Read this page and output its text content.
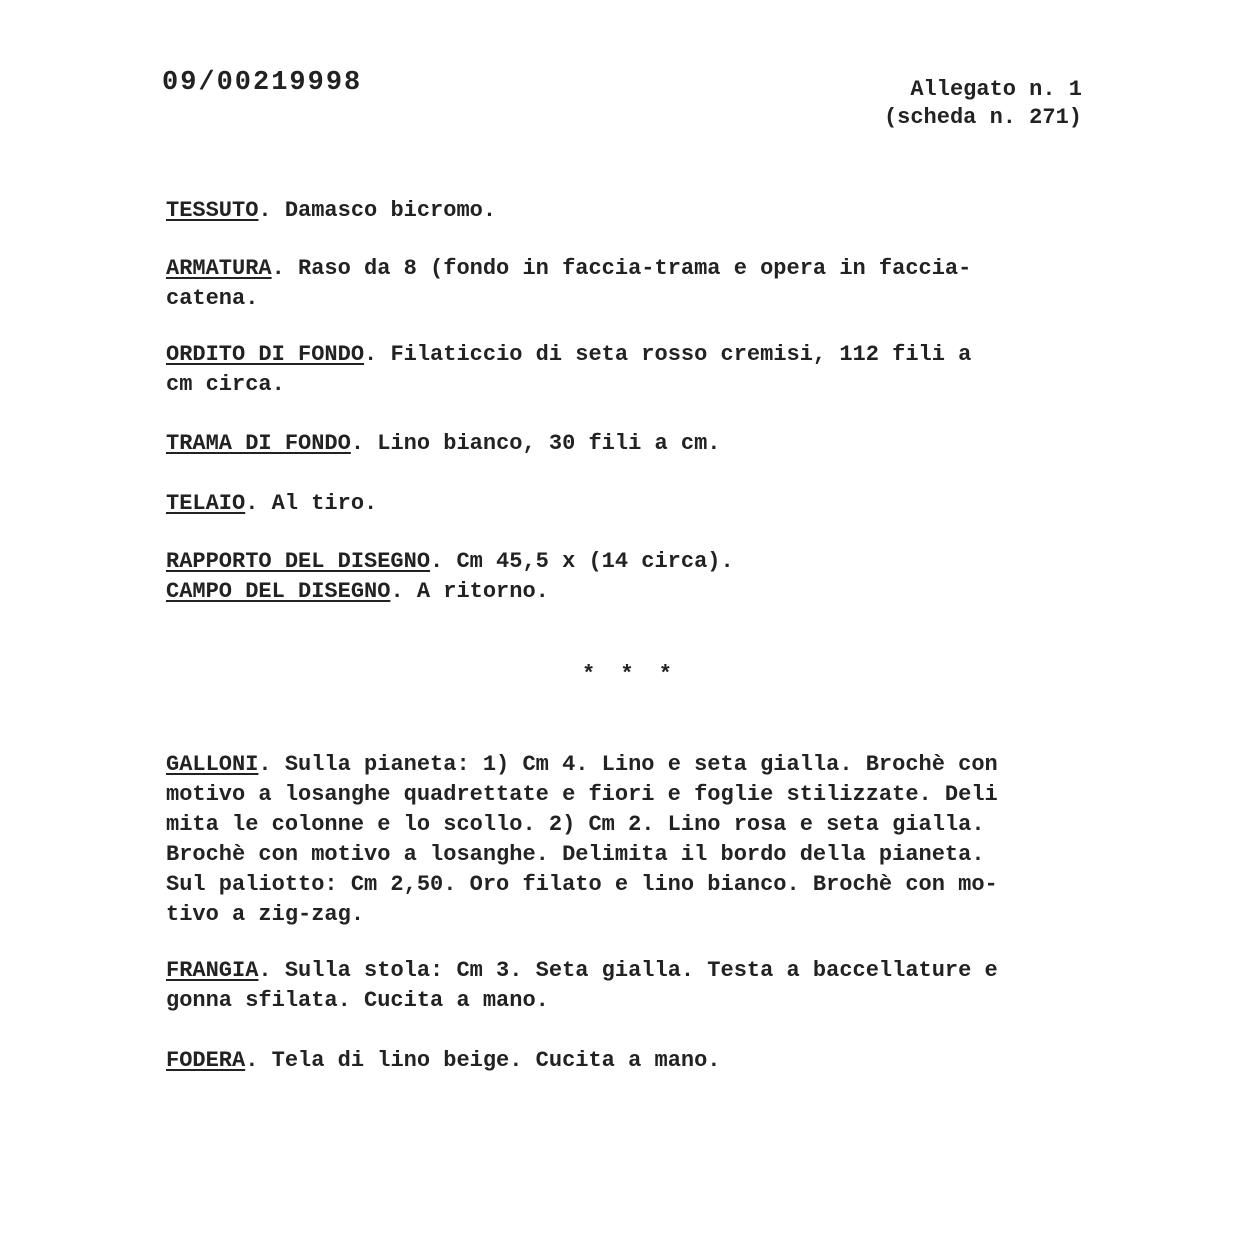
09/00219998	Allegato n. 1
(scheda n. 271)
TESSUTO. Damasco bicromo.
ARMATURA. Raso da 8 (fondo in faccia-trama e opera in faccia-
catena.
ORDITO DI FONDO. Filaticcio di seta rosso cremisi, 112 fili a
cm circa.
TRAMA DI FONDO. Lino bianco, 30 fili a cm.
TELAIO. Al tiro.
RAPPORTO DEL DISEGNO. Cm 45,5 x (14 circa).
CAMPO DEL DISEGNO. A ritorno.
* * *
GALLONI. Sulla pianeta: 1) Cm 4. Lino e seta gialla. Brochè con
motivo a losanghe quadrettate e fiori e foglie stilizzate. Deli
mita le colonne e lo scollo. 2) Cm 2. Lino rosa e seta gialla.
Brochè con motivo a losanghe. Delimita il bordo della pianeta.
Sul paliotto: Cm 2,50. Oro filato e lino bianco. Brochè con mo-
tivo a zig-zag.
FRANGIA. Sulla stola: Cm 3. Seta gialla. Testa a baccellature e
gonna sfilata. Cucita a mano.
FODERA. Tela di lino beige. Cucita a mano.
